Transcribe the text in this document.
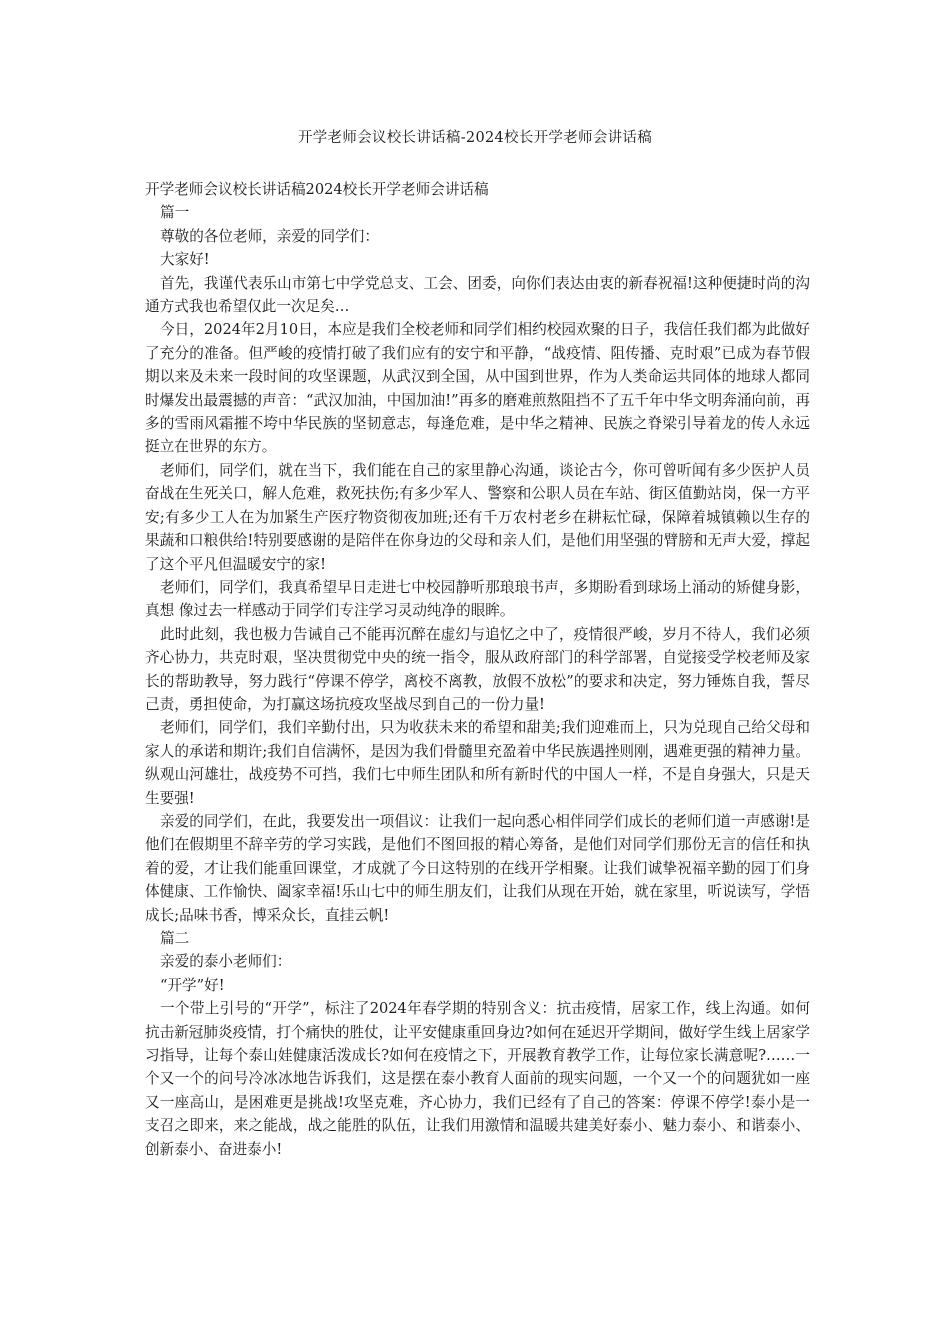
开学老师会议校长讲话稿-2024校长开学老师会讲话稿

开学老师会议校长讲话稿2024校长开学老师会讲话稿

篇一

尊敬的各位老师，亲爱的同学们：

大家好!

首先，我谨代表乐山市第七中学党总支、工会、团委，向你们表达由衷的新春祝福!这种便捷时尚的沟通方式我也希望仅此一次足矣…

今日，2024年2月10日，本应是我们全校老师和同学们相约校园欢聚的日子，我信任我们都为此做好了充分的准备。但严峻的疫情打破了我们应有的安宁和平静，“战疫情、阻传播、克时艰”已成为春节假期以来及未来一段时间的攻坚课题，从武汉到全国，从中国到世界，作为人类命运共同体的地球人都同时爆发出最震撼的声音：“武汉加油，中国加油!”再多的磨难煎熬阻挡不了五千年中华文明奔涌向前，再多的雪雨风霜摧不垮中华民族的坚韧意志，每逢危难，是中华之精神、民族之脊梁引导着龙的传人永远挺立在世界的东方。

老师们，同学们，就在当下，我们能在自己的家里静心沟通，谈论古今，你可曾听闻有多少医护人员奋战在生死关口，解人危难，救死扶伤;有多少军人、警察和公职人员在车站、街区值勤站岗，保一方平安;有多少工人在为加紧生产医疗物资彻夜加班;还有千万农村老乡在耕耘忙碌，保障着城镇赖以生存的果蔬和口粮供给!特别要感谢的是陪伴在你身边的父母和亲人们，是他们用坚强的臂膀和无声大爱，撑起了这个平凡但温暖安宁的家!

老师们，同学们，我真希望早日走进七中校园静听那琅琅书声，多期盼看到球场上涌动的矫健身影，真想 像过去一样感动于同学们专注学习灵动纯净的眼眸。

此时此刻，我也极力告诫自己不能再沉醉在虚幻与追忆之中了，疫情很严峻，岁月不待人，我们必须齐心协力，共克时艰，坚决贯彻党中央的统一指令，服从政府部门的科学部署，自觉接受学校老师及家长的帮助教导，努力践行“停课不停学，离校不离教，放假不放松”的要求和决定，努力锤炼自我，誓尽己责，勇担使命，为打赢这场抗疫攻坚战尽到自己的一份力量!

老师们，同学们，我们辛勤付出，只为收获未来的希望和甜美;我们迎难而上，只为兑现自己给父母和家人的承诺和期许;我们自信满怀，是因为我们骨髓里充盈着中华民族遇挫则刚，遇难更强的精神力量。纵观山河雄壮，战疫势不可挡，我们七中师生团队和所有新时代的中国人一样，不是自身强大，只是天生要强!

亲爱的同学们，在此，我要发出一项倡议：让我们一起向悉心相伴同学们成长的老师们道一声感谢!是他们在假期里不辞辛劳的学习实践，是他们不图回报的精心筹备，是他们对同学们那份无言的信任和执着的爱，才让我们能重回课堂，才成就了今日这特别的在线开学相聚。让我们诚挚祝福辛勤的园丁们身体健康、工作愉快、阖家幸福!乐山七中的师生朋友们，让我们从现在开始，就在家里，听说读写，学悟成长;品味书香，博采众长，直挂云帆!

篇二

亲爱的泰小老师们：

“开学”好!

一个带上引号的“开学”，标注了2024年春学期的特别含义：抗击疫情，居家工作，线上沟通。如何抗击新冠肺炎疫情，打个痛快的胜仗，让平安健康重回身边?如何在延迟开学期间，做好学生线上居家学习指导，让每个泰山娃健康活泼成长?如何在疫情之下，开展教育教学工作，让每位家长满意呢?……一个又一个的问号冷冰冰地告诉我们，这是摆在泰小教育人面前的现实问题，一个又一个的问题犹如一座又一座高山，是困难更是挑战!攻坚克难，齐心协力，我们已经有了自己的答案：停课不停学!泰小是一支召之即来，来之能战，战之能胜的队伍，让我们用激情和温暖共建美好泰小、魅力泰小、和谐泰小、创新泰小、奋进泰小!
